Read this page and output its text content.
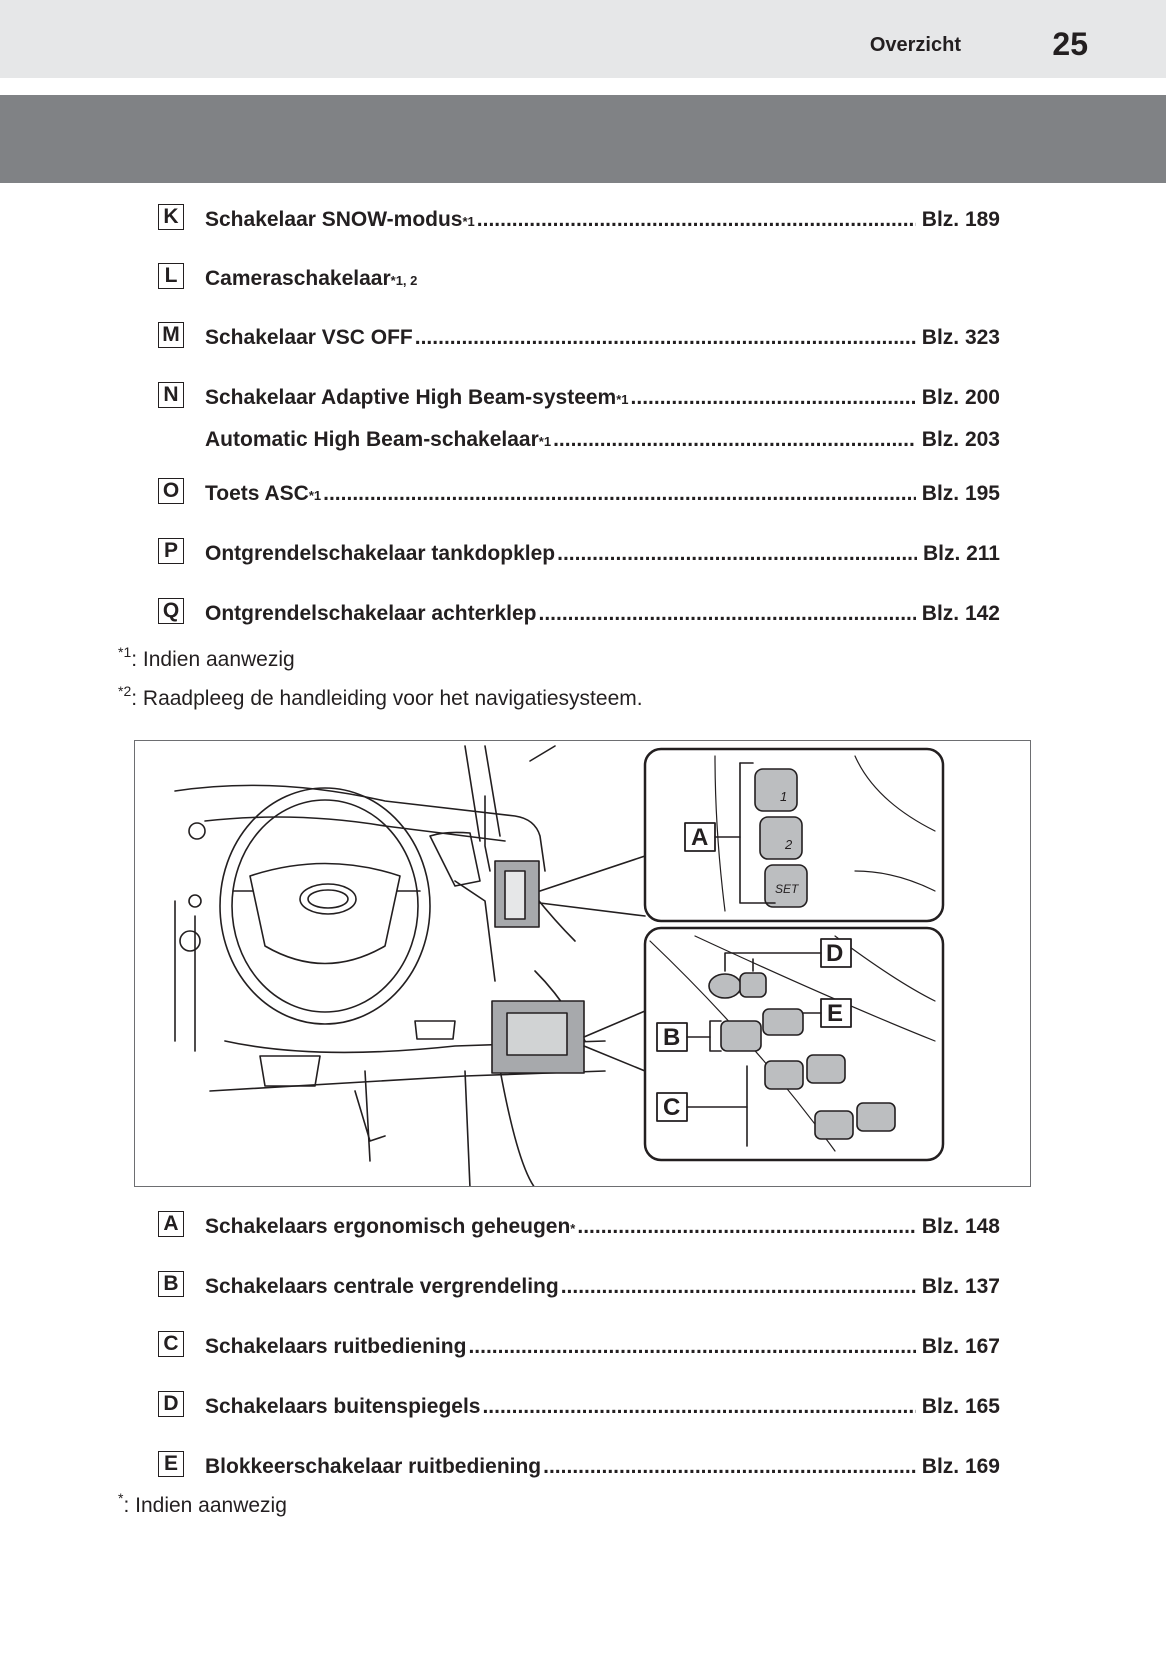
Overzicht	25
K Schakelaar SNOW-modus *1 .....	Blz. 189
L	Cameraschakelaar *1, 2
M Schakelaar VSC OFF .....	Blz. 323
N Schakelaar Adaptive High Beam-systeem *1 .....	Blz. 200
Automatic High Beam-schakelaar *1 .....	Blz. 203
O Toets ASC *1 .....	Blz. 195
P Ontgrendelschakelaar tankdopklep .....	Blz. 211
Q Ontgrendelschakelaar achterklep .....	Blz. 142
$^{*1}$: Indien aanwezig
$^{*2}$: Raadpleeg de handleiding voor het navigatiesysteem.
1
2
SET
A
D
E
B
C
A Schakelaars ergonomisch geheugen * .....	Blz. 148
B Schakelaars centrale vergrendeling .....	Blz. 137
C Schakelaars ruitbediening .....	Blz. 167
D Schakelaars buitenspiegels .....	Blz. 165
E Blokkeerschakelaar ruitbediening .....	Blz. 169
*: Indien aanwezig
